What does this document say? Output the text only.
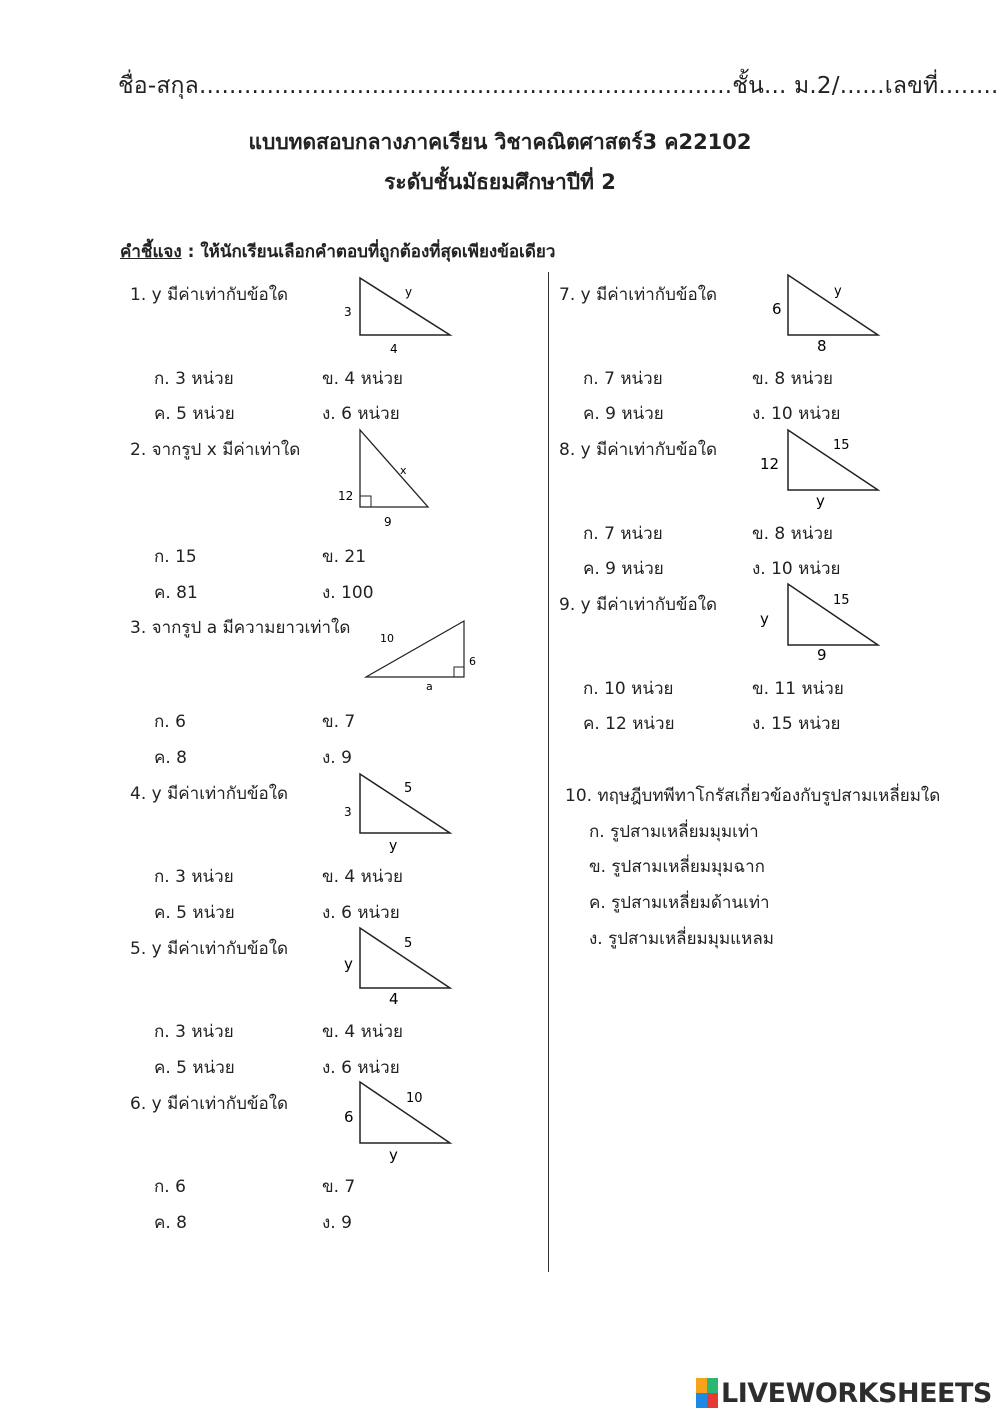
ชื่อ-สกุล.......................................................................ชั้น... ม.2/......เลขที่........
แบบทดสอบกลางภาคเรียน วิชาคณิตศาสตร์3 ค22102
ระดับชั้นมัธยมศึกษาปีที่ 2
คำชี้แจง : ให้นักเรียนเลือกคำตอบที่ถูกต้องที่สุดเพียงข้อเดียว
1. y มีค่าเท่ากับข้อใด
3
y
4
ก. 3 หน่วย	ข. 4 หน่วย
ค. 5 หน่วย	ง. 6 หน่วย
2. จากรูป x มีค่าเท่าใด
12
x
9
ก. 15	ข. 21
ค. 81	ง. 100
3. จากรูป a มีความยาวเท่าใด
10
6
a
ก. 6	ข. 7
ค. 8	ง. 9
4. y มีค่าเท่ากับข้อใด
3
5
y
ก. 3 หน่วย	ข. 4 หน่วย
ค. 5 หน่วย	ง. 6 หน่วย
5. y มีค่าเท่ากับข้อใด
y
5
4
ก. 3 หน่วย	ข. 4 หน่วย
ค. 5 หน่วย	ง. 6 หน่วย
6. y มีค่าเท่ากับข้อใด
6
10
y
ก. 6	ข. 7
ค. 8	ง. 9
7. y มีค่าเท่ากับข้อใด
6
y
8
ก. 7 หน่วย	ข. 8 หน่วย
ค. 9 หน่วย	ง. 10 หน่วย
8. y มีค่าเท่ากับข้อใด
12
15
y
ก. 7 หน่วย	ข. 8 หน่วย
ค. 9 หน่วย	ง. 10 หน่วย
9. y มีค่าเท่ากับข้อใด
y
15
9
ก. 10 หน่วย	ข. 11 หน่วย
ค. 12 หน่วย	ง. 15 หน่วย
10. ทฤษฎีบทพีทาโกรัสเกี่ยวข้องกับรูปสามเหลี่ยมใด
ก. รูปสามเหลี่ยมมุมเท่า
ข. รูปสามเหลี่ยมมุมฉาก
ค. รูปสามเหลี่ยมด้านเท่า
ง. รูปสามเหลี่ยมมุมแหลม
LIVEWORKSHEETS
